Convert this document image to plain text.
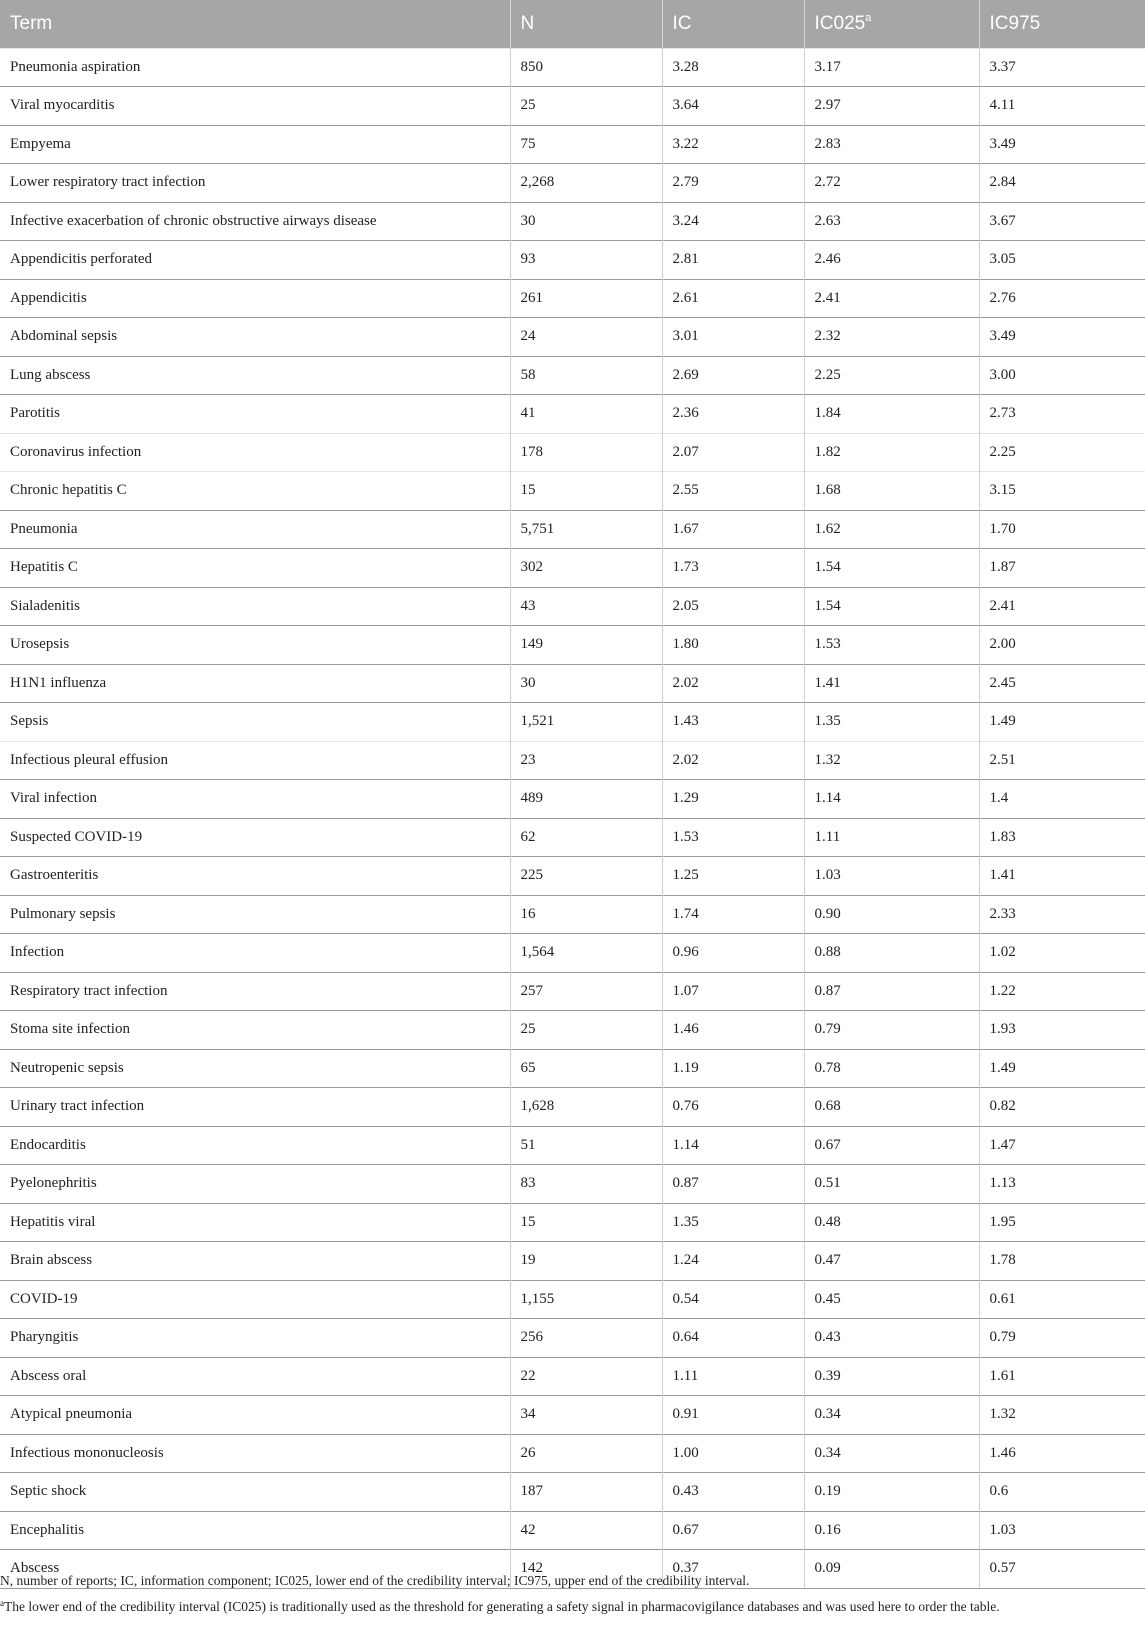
Term	N	IC	IC025$^a$	IC975
Pneumonia aspiration	850	3.28	3.17	3.37
Viral myocarditis	25	3.64	2.97	4.11
Empyema	75	3.22	2.83	3.49
Lower respiratory tract infection	2,268	2.79	2.72	2.84
Infective exacerbation of chronic obstructive airways disease	30	3.24	2.63	3.67
Appendicitis perforated	93	2.81	2.46	3.05
Appendicitis	261	2.61	2.41	2.76
Abdominal sepsis	24	3.01	2.32	3.49
Lung abscess	58	2.69	2.25	3.00
Parotitis	41	2.36	1.84	2.73
Coronavirus infection	178	2.07	1.82	2.25
Chronic hepatitis C	15	2.55	1.68	3.15
Pneumonia	5,751	1.67	1.62	1.70
Hepatitis C	302	1.73	1.54	1.87
Sialadenitis	43	2.05	1.54	2.41
Urosepsis	149	1.80	1.53	2.00
H1N1 influenza	30	2.02	1.41	2.45
Sepsis	1,521	1.43	1.35	1.49
Infectious pleural effusion	23	2.02	1.32	2.51
Viral infection	489	1.29	1.14	1.4
Suspected COVID-19	62	1.53	1.11	1.83
Gastroenteritis	225	1.25	1.03	1.41
Pulmonary sepsis	16	1.74	0.90	2.33
Infection	1,564	0.96	0.88	1.02
Respiratory tract infection	257	1.07	0.87	1.22
Stoma site infection	25	1.46	0.79	1.93
Neutropenic sepsis	65	1.19	0.78	1.49
Urinary tract infection	1,628	0.76	0.68	0.82
Endocarditis	51	1.14	0.67	1.47
Pyelonephritis	83	0.87	0.51	1.13
Hepatitis viral	15	1.35	0.48	1.95
Brain abscess	19	1.24	0.47	1.78
COVID-19	1,155	0.54	0.45	0.61
Pharyngitis	256	0.64	0.43	0.79
Abscess oral	22	1.11	0.39	1.61
Atypical pneumonia	34	0.91	0.34	1.32
Infectious mononucleosis	26	1.00	0.34	1.46
Septic shock	187	0.43	0.19	0.6
Encephalitis	42	0.67	0.16	1.03
Abscess	142	0.37	0.09	0.57

N, number of reports; IC, information component; IC025, lower end of the credibility interval; IC975, upper end of the credibility interval.

$^a$The lower end of the credibility interval (IC025) is traditionally used as the threshold for generating a safety signal in pharmacovigilance databases and was used here to order the table.
